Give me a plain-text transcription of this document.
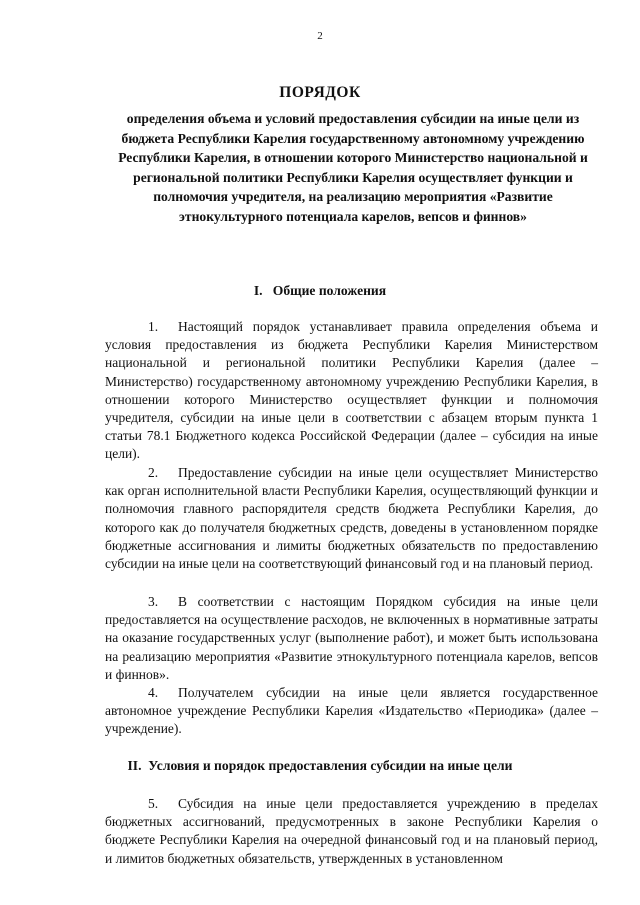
2
ПОРЯДОК
определения объема и условий предоставления субсидии на иные цели из бюджета Республики Карелия государственному автономному учреждению Республики Карелия, в отношении которого Министерство национальной и региональной политики Республики Карелия осуществляет функции и полномочия учредителя, на реализацию мероприятия «Развитие этнокультурного потенциала карелов, вепсов и финнов»
I.   Общие положения

1. Настоящий порядок устанавливает правила определения объема и условия предоставления из бюджета Республики Карелия Министерством национальной и региональной политики Республики Карелия (далее – Министерство) государственному автономному учреждению Республики Карелия, в отношении которого Министерство осуществляет функции и полномочия учредителя, субсидии на иные цели в соответствии с абзацем вторым пункта 1 статьи 78.1 Бюджетного кодекса Российской Федерации (далее – субсидия на иные цели).

2. Предоставление субсидии на иные цели осуществляет Министерство как орган исполнительной власти Республики Карелия, осуществляющий функции и полномочия главного распорядителя средств бюджета Республики Карелия, до которого как до получателя бюджетных средств, доведены в установленном порядке бюджетные ассигнования и лимиты бюджетных обязательств по предоставлению субсидии на иные цели на соответствующий финансовый год и на плановый период.

3. В соответствии с настоящим Порядком субсидия на иные цели предоставляется на осуществление расходов, не включенных в нормативные затраты на оказание государственных услуг (выполнение работ), и может быть использована на реализацию мероприятия «Развитие этнокультурного потенциала карелов, вепсов и финнов».

4. Получателем субсидии на иные цели является государственное автономное учреждение Республики Карелия «Издательство «Периодика» (далее – учреждение).

II.  Условия и порядок предоставления субсидии на иные цели

5. Субсидия на иные цели предоставляется учреждению в пределах бюджетных ассигнований, предусмотренных в законе Республики Карелия о бюджете Республики Карелия на очередной финансовый год и на плановый период, и лимитов бюджетных обязательств, утвержденных в установленном
